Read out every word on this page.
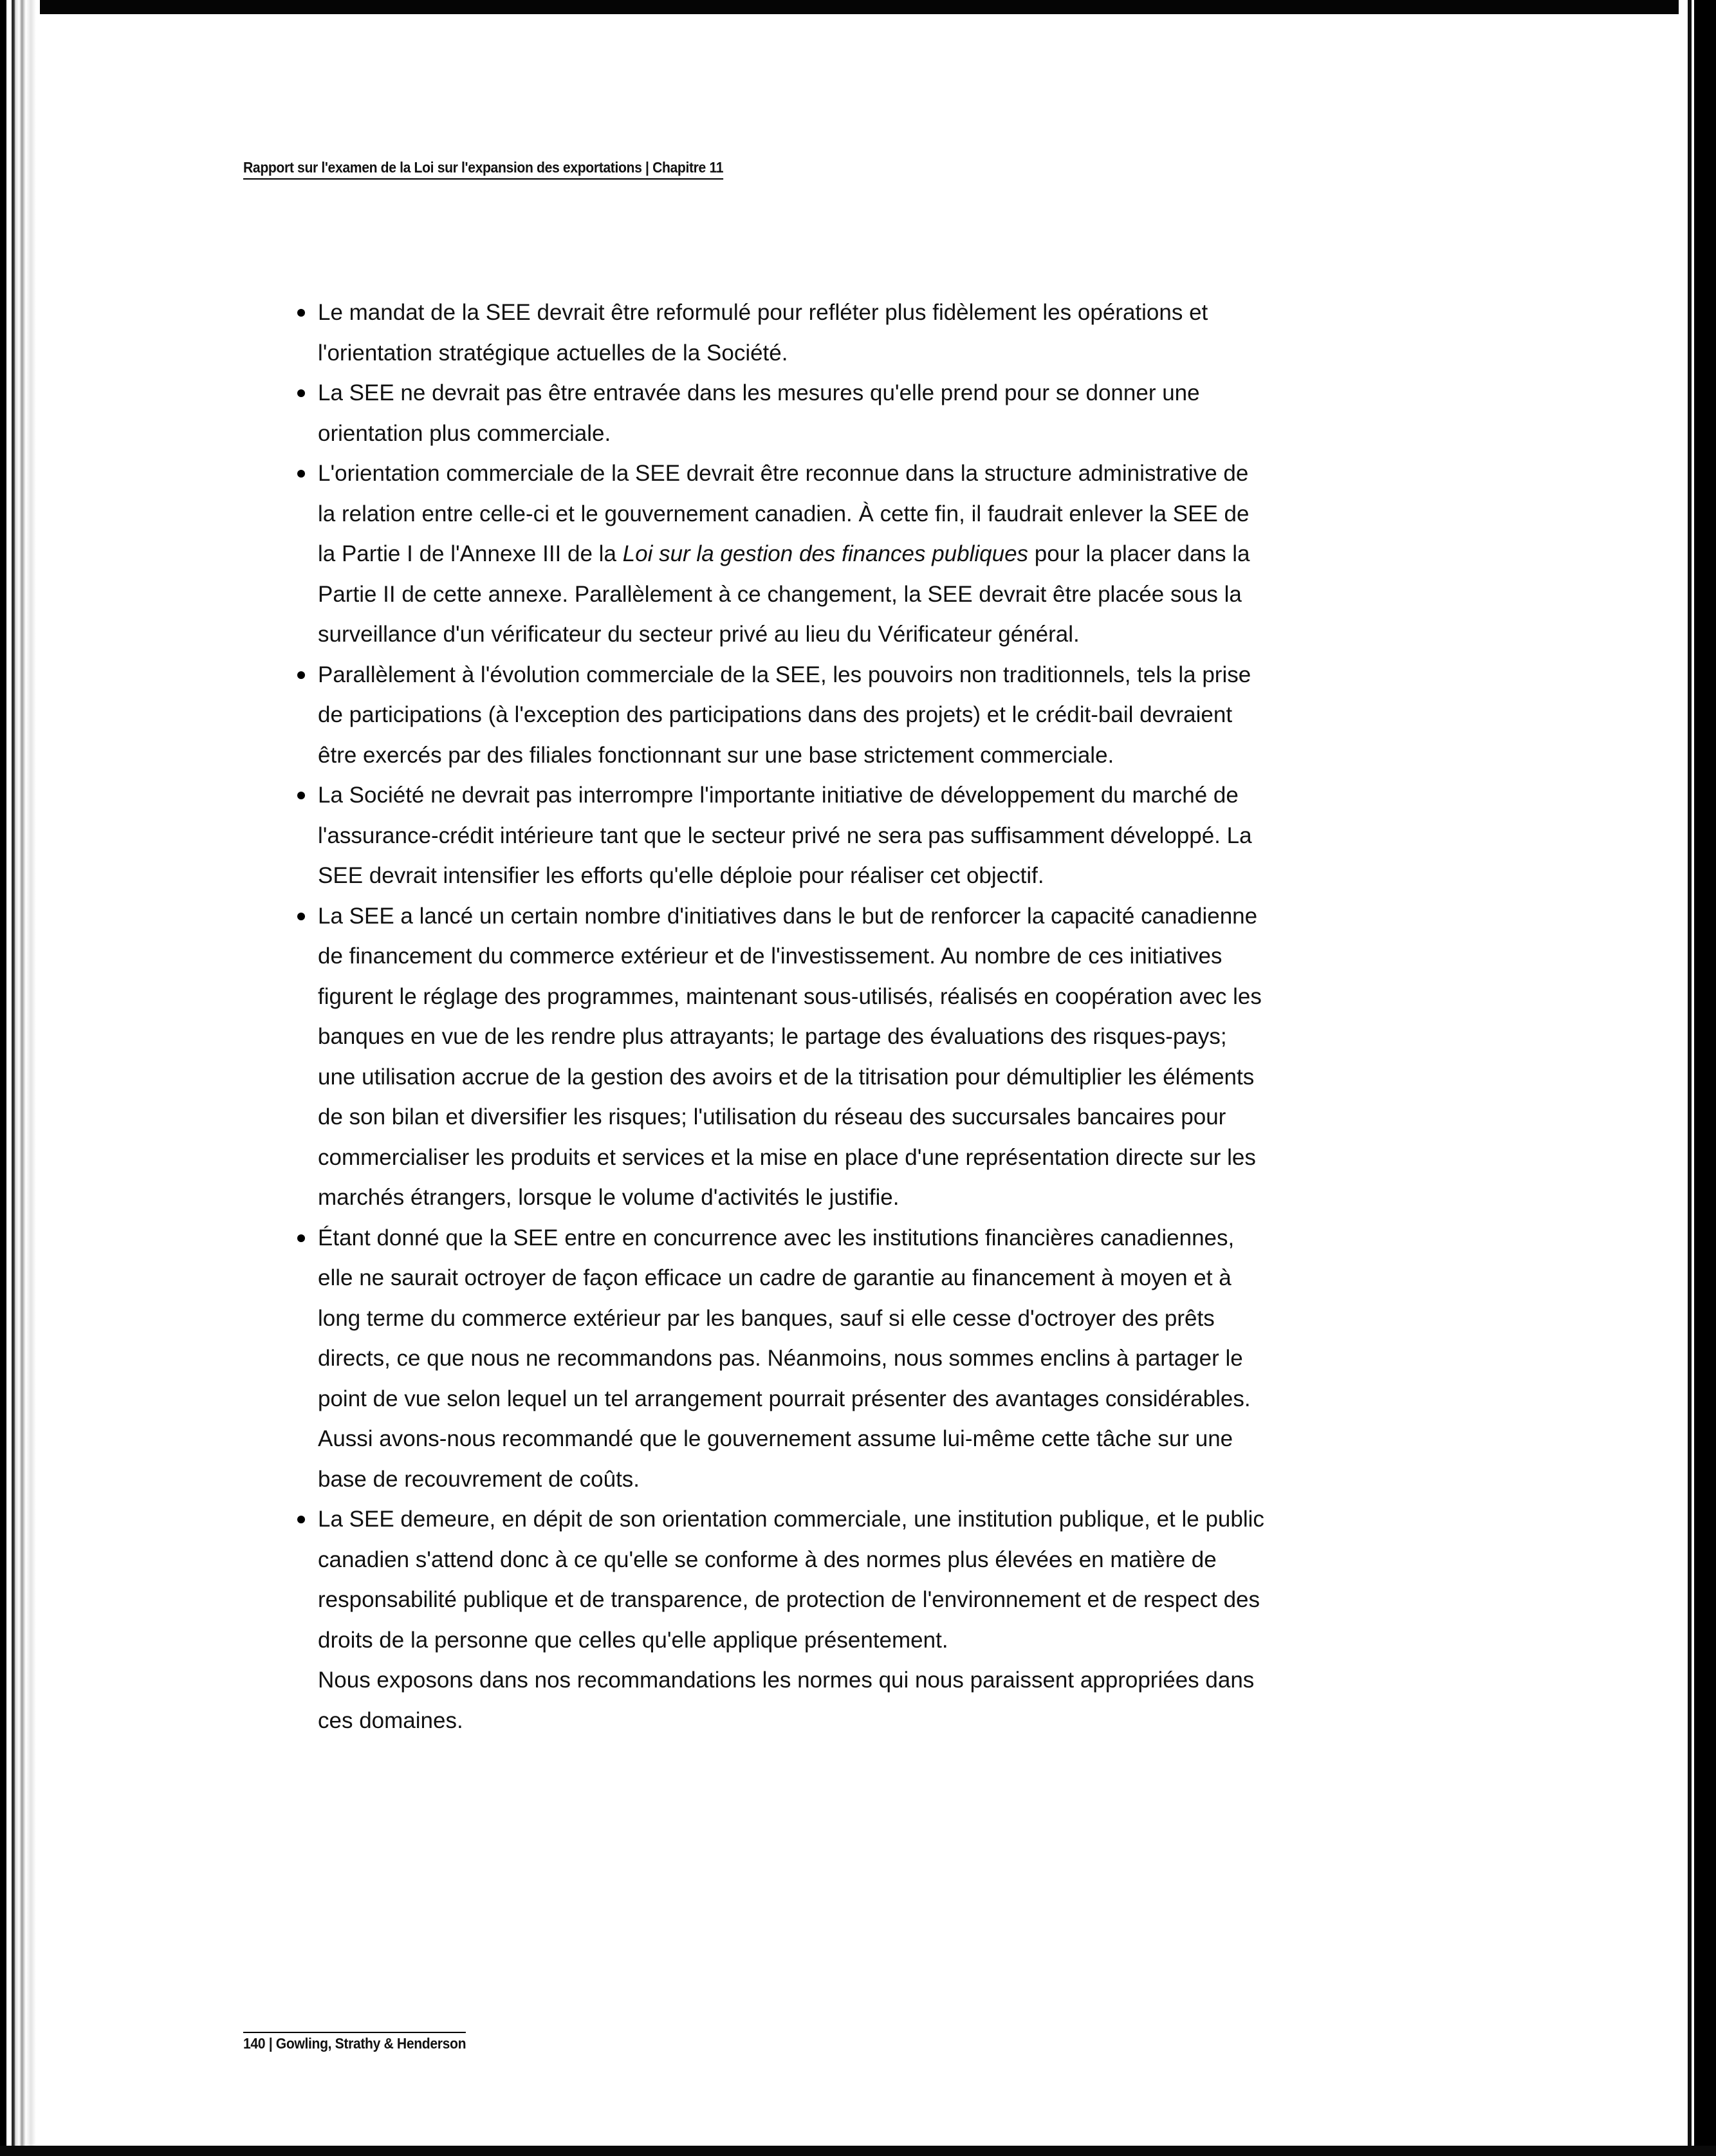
Rapport sur l'examen de la Loi sur l'expansion des exportations | Chapitre 11
Le mandat de la SEE devrait être reformulé pour refléter plus fidèlement les opérations et l'orientation stratégique actuelles de la Société.
La SEE ne devrait pas être entravée dans les mesures qu'elle prend pour se donner une orientation plus commerciale.
L'orientation commerciale de la SEE devrait être reconnue dans la structure administrative de la relation entre celle-ci et le gouvernement canadien. À cette fin, il faudrait enlever la SEE de la Partie I de l'Annexe III de la Loi sur la gestion des finances publiques pour la placer dans la Partie II de cette annexe. Parallèlement à ce changement, la SEE devrait être placée sous la surveillance d'un vérificateur du secteur privé au lieu du Vérificateur général.
Parallèlement à l'évolution commerciale de la SEE, les pouvoirs non traditionnels, tels la prise de participations (à l'exception des participations dans des projets) et le crédit-bail devraient être exercés par des filiales fonctionnant sur une base strictement commerciale.
La Société ne devrait pas interrompre l'importante initiative de développement du marché de l'assurance-crédit intérieure tant que le secteur privé ne sera pas suffisamment développé. La SEE devrait intensifier les efforts qu'elle déploie pour réaliser cet objectif.
La SEE a lancé un certain nombre d'initiatives dans le but de renforcer la capacité canadienne de financement du commerce extérieur et de l'investissement. Au nombre de ces initiatives figurent le réglage des programmes, maintenant sous-utilisés, réalisés en coopération avec les banques en vue de les rendre plus attrayants; le partage des évaluations des risques-pays; une utilisation accrue de la gestion des avoirs et de la titrisation pour démultiplier les éléments de son bilan et diversifier les risques; l'utilisation du réseau des succursales bancaires pour commercialiser les produits et services et la mise en place d'une représentation directe sur les marchés étrangers, lorsque le volume d'activités le justifie.
Étant donné que la SEE entre en concurrence avec les institutions financières canadiennes, elle ne saurait octroyer de façon efficace un cadre de garantie au financement à moyen et à long terme du commerce extérieur par les banques, sauf si elle cesse d'octroyer des prêts directs, ce que nous ne recommandons pas. Néanmoins, nous sommes enclins à partager le point de vue selon lequel un tel arrangement pourrait présenter des avantages considérables. Aussi avons-nous recommandé que le gouvernement assume lui-même cette tâche sur une base de recouvrement de coûts.
La SEE demeure, en dépit de son orientation commerciale, une institution publique, et le public canadien s'attend donc à ce qu'elle se conforme à des normes plus élevées en matière de responsabilité publique et de transparence, de protection de l'environnement et de respect des droits de la personne que celles qu'elle applique présentement.
Nous exposons dans nos recommandations les normes qui nous paraissent appropriées dans ces domaines.
140 | Gowling, Strathy & Henderson
